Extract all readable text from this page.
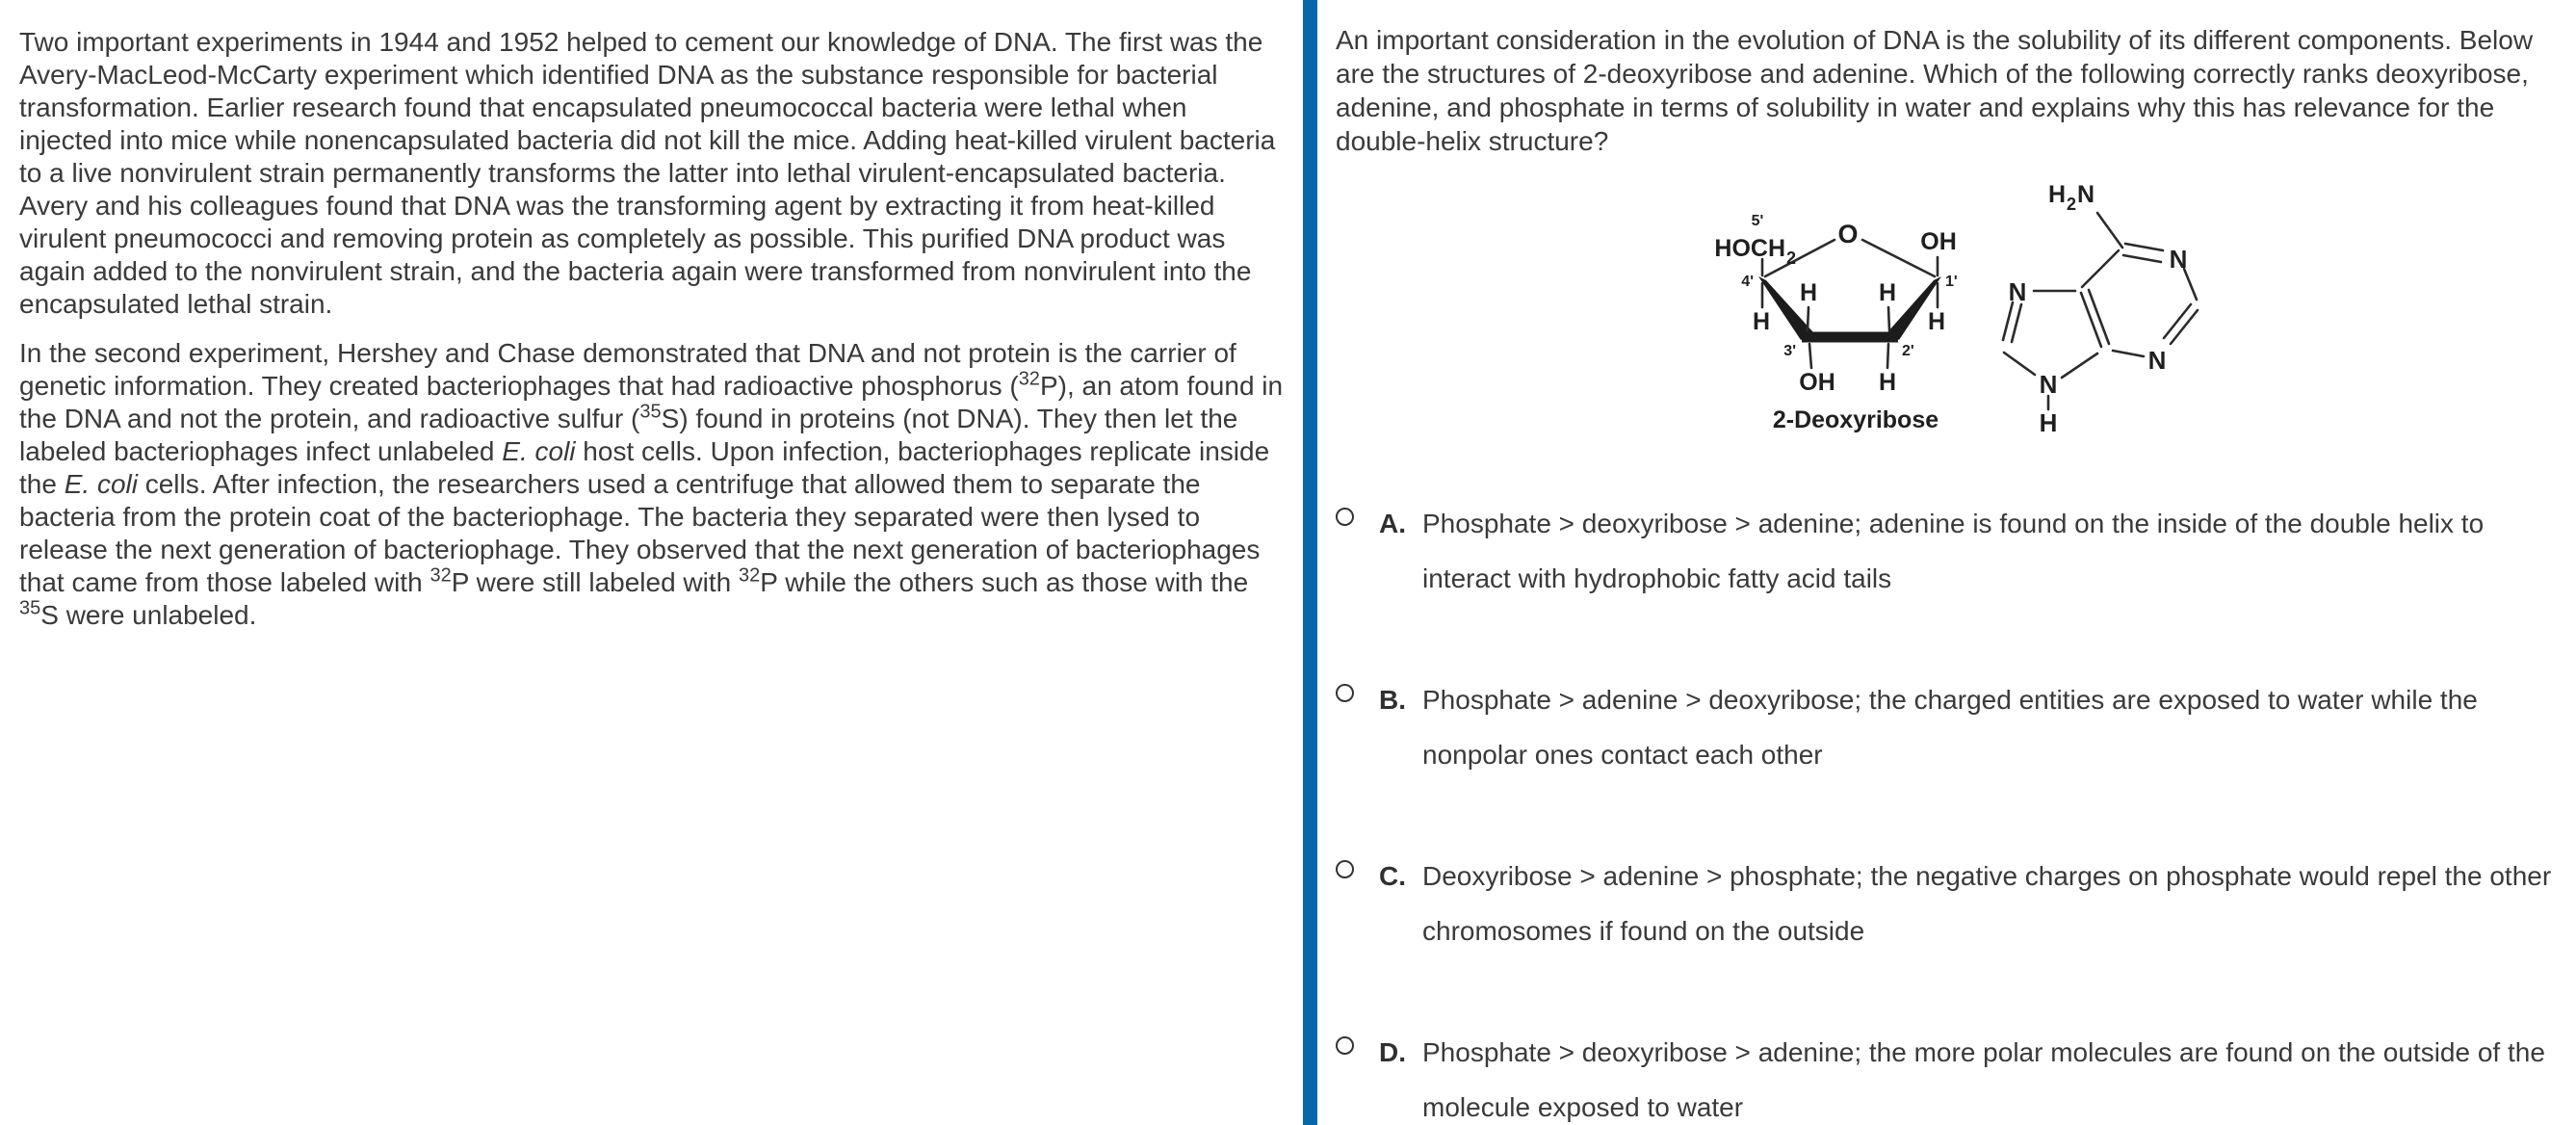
Two important experiments in 1944 and 1952 helped to cement our knowledge of DNA. The first was the Avery-MacLeod-McCarty experiment which identified DNA as the substance responsible for bacterial transformation. Earlier research found that encapsulated pneumococcal bacteria were lethal when injected into mice while nonencapsulated bacteria did not kill the mice. Adding heat-killed virulent bacteria to a live nonvirulent strain permanently transforms the latter into lethal virulent-encapsulated bacteria. Avery and his colleagues found that DNA was the transforming agent by extracting it from heat-killed virulent pneumococci and removing protein as completely as possible. This purified DNA product was again added to the nonvirulent strain, and the bacteria again were transformed from nonvirulent into the encapsulated lethal strain.

In the second experiment, Hershey and Chase demonstrated that DNA and not protein is the carrier of genetic information. They created bacteriophages that had radioactive phosphorus ($^{32}$P), an atom found in the DNA and not the protein, and radioactive sulfur ($^{35}$S) found in proteins (not DNA). They then let the labeled bacteriophages infect unlabeled E. coli host cells. Upon infection, bacteriophages replicate inside the E. coli cells. After infection, the researchers used a centrifuge that allowed them to separate the bacteria from the protein coat of the bacteriophage. The bacteria they separated were then lysed to release the next generation of bacteriophage. They observed that the next generation of bacteriophages that came from those labeled with $^{32}$P were still labeled with $^{32}$P while the others such as those with the $^{35}$S were unlabeled.

An important consideration in the evolution of DNA is the solubility of its different components. Below are the structures of 2-deoxyribose and adenine. Which of the following correctly ranks deoxyribose, adenine, and phosphate in terms of solubility in water and explains why this has relevance for the double-helix structure?

5'
HOCH 2
O	OH
4'	1'
H	H
H	H
3'	2'
OH H
2-Deoxyribose
H 2 N
N
N
N
N
H
A. Phosphate > deoxyribose > adenine; adenine is found on the inside of the double helix to interact with hydrophobic fatty acid tails
B. Phosphate > adenine > deoxyribose; the charged entities are exposed to water while the nonpolar ones contact each other
C. Deoxyribose > adenine > phosphate; the negative charges on phosphate would repel the other chromosomes if found on the outside
D. Phosphate > deoxyribose > adenine; the more polar molecules are found on the outside of the molecule exposed to water
